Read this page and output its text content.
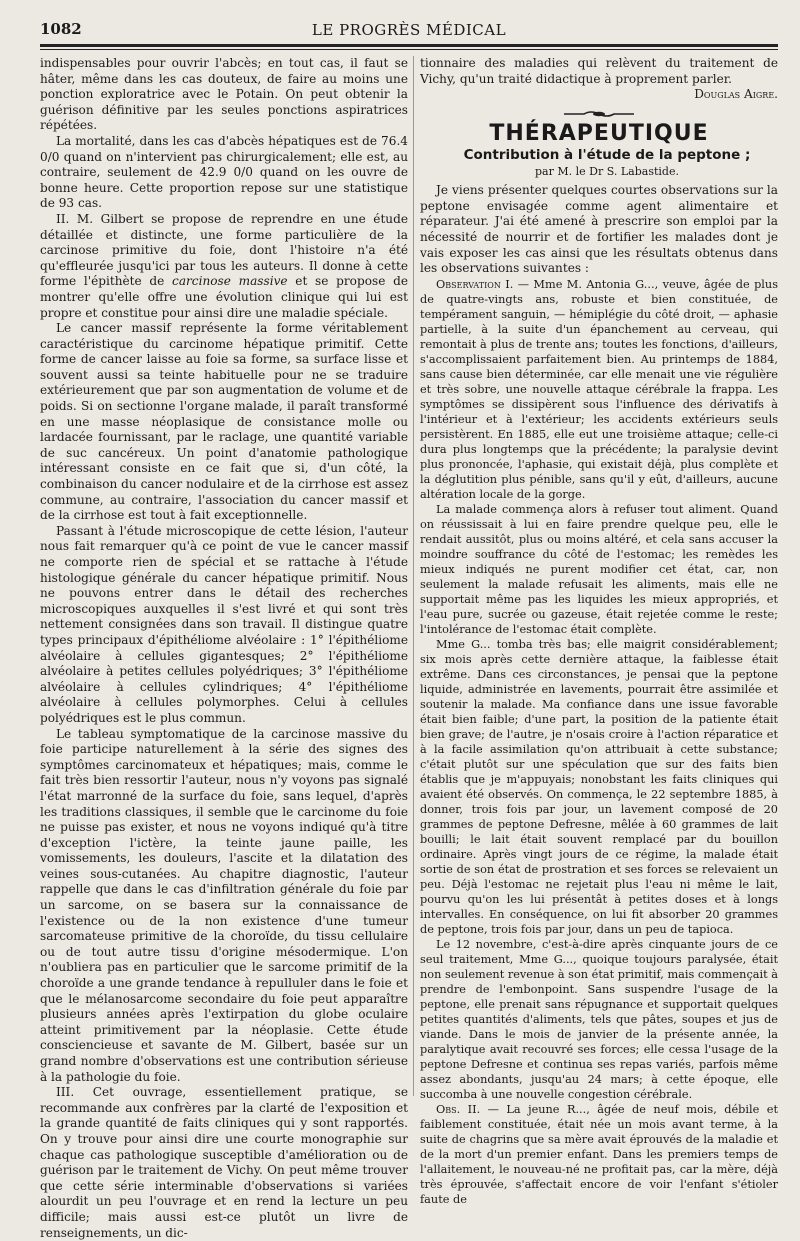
1082	LE PROGRÈS MÉDICAL

indispensables pour ouvrir l'abcès; en tout cas, il faut se hâter, même dans les cas douteux, de faire au moins une ponction exploratrice avec le Potain. On peut obtenir la guérison définitive par les seules ponctions aspiratrices répétées.

La mortalité, dans les cas d'abcès hépatiques est de 76.4 0/0 quand on n'intervient pas chirurgicalement; elle est, au contraire, seulement de 42.9 0/0 quand on les ouvre de bonne heure. Cette proportion repose sur une statistique de 93 cas.

II. M. Gilbert se propose de reprendre en une étude détaillée et distincte, une forme particulière de la carcinose primitive du foie, dont l'histoire n'a été qu'effleurée jusqu'ici par tous les auteurs. Il donne à cette forme l'épithète de carcinose massive et se propose de montrer qu'elle offre une évolution clinique qui lui est propre et constitue pour ainsi dire une maladie spéciale.

Le cancer massif représente la forme véritablement caractéristique du carcinome hépatique primitif. Cette forme de cancer laisse au foie sa forme, sa surface lisse et souvent aussi sa teinte habituelle pour ne se traduire extérieurement que par son augmentation de volume et de poids. Si on sectionne l'organe malade, il paraît transformé en une masse néoplasique de consistance molle ou lardacée fournissant, par le raclage, une quantité variable de suc cancéreux. Un point d'anatomie pathologique intéressant consiste en ce fait que si, d'un côté, la combinaison du cancer nodulaire et de la cirrhose est assez commune, au contraire, l'association du cancer massif et de la cirrhose est tout à fait exceptionnelle.

Passant à l'étude microscopique de cette lésion, l'auteur nous fait remarquer qu'à ce point de vue le cancer massif ne comporte rien de spécial et se rattache à l'étude histologique générale du cancer hépatique primitif. Nous ne pouvons entrer dans le détail des recherches microscopiques auxquelles il s'est livré et qui sont très nettement consignées dans son travail. Il distingue quatre types principaux d'épithéliome alvéolaire : 1° l'épithéliome alvéolaire à cellules gigantesques; 2° l'épithéliome alvéolaire à petites cellules polyédriques; 3° l'épithéliome alvéolaire à cellules cylindriques; 4° l'épithéliome alvéolaire à cellules polymorphes. Celui à cellules polyédriques est le plus commun.

Le tableau symptomatique de la carcinose massive du foie participe naturellement à la série des signes des symptômes carcinomateux et hépatiques; mais, comme le fait très bien ressortir l'auteur, nous n'y voyons pas signalé l'état marronné de la surface du foie, sans lequel, d'après les traditions classiques, il semble que le carcinome du foie ne puisse pas exister, et nous ne voyons indiqué qu'à titre d'exception l'ictère, la teinte jaune paille, les vomissements, les douleurs, l'ascite et la dilatation des veines sous-cutanées. Au chapitre diagnostic, l'auteur rappelle que dans le cas d'infiltration générale du foie par un sarcome, on se basera sur la connaissance de l'existence ou de la non existence d'une tumeur sarcomateuse primitive de la choroïde, du tissu cellulaire ou de tout autre tissu d'origine mésodermique. L'on n'oubliera pas en particulier que le sarcome primitif de la choroïde a une grande tendance à repulluler dans le foie et que le mélanosarcome secondaire du foie peut apparaître plusieurs années après l'extirpation du globe oculaire atteint primitivement par la néoplasie. Cette étude consciencieuse et savante de M. Gilbert, basée sur un grand nombre d'observations est une contribution sérieuse à la pathologie du foie.

III. Cet ouvrage, essentiellement pratique, se recommande aux confrères par la clarté de l'exposition et la grande quantité de faits cliniques qui y sont rapportés. On y trouve pour ainsi dire une courte monographie sur chaque cas pathologique susceptible d'amélioration ou de guérison par le traitement de Vichy. On peut même trouver que cette série interminable d'observations si variées alourdit un peu l'ouvrage et en rend la lecture un peu difficile; mais aussi est-ce plutôt un livre de renseignements, un dic-

tionnaire des maladies qui relèvent du traitement de Vichy, qu'un traité didactique à proprement parler.

Douglas Aigre.

THÉRAPEUTIQUE

Contribution à l'étude de la peptone ;

par M. le Dr S. Labastide.

Je viens présenter quelques courtes observations sur la peptone envisagée comme agent alimentaire et réparateur. J'ai été amené à prescrire son emploi par la nécessité de nourrir et de fortifier les malades dont je vais exposer les cas ainsi que les résultats obtenus dans les observations suivantes :

Observation I. — Mme M. Antonia G..., veuve, âgée de plus de quatre-vingts ans, robuste et bien constituée, de tempérament sanguin, — hémiplégie du côté droit, — aphasie partielle, à la suite d'un épanchement au cerveau, qui remontait à plus de trente ans; toutes les fonctions, d'ailleurs, s'accomplissaient parfaitement bien. Au printemps de 1884, sans cause bien déterminée, car elle menait une vie régulière et très sobre, une nouvelle attaque cérébrale la frappa. Les symptômes se dissipèrent sous l'influence des dérivatifs à l'intérieur et à l'extérieur; les accidents extérieurs seuls persistèrent. En 1885, elle eut une troisième attaque; celle-ci dura plus longtemps que la précédente; la paralysie devint plus prononcée, l'aphasie, qui existait déjà, plus complète et la déglutition plus pénible, sans qu'il y eût, d'ailleurs, aucune altération locale de la gorge.

La malade commença alors à refuser tout aliment. Quand on réussissait à lui en faire prendre quelque peu, elle le rendait aussitôt, plus ou moins altéré, et cela sans accuser la moindre souffrance du côté de l'estomac; les remèdes les mieux indiqués ne purent modifier cet état, car, non seulement la malade refusait les aliments, mais elle ne supportait même pas les liquides les mieux appropriés, et l'eau pure, sucrée ou gazeuse, était rejetée comme le reste; l'intolérance de l'estomac était complète.

Mme G... tomba très bas; elle maigrit considérablement; six mois après cette dernière attaque, la faiblesse était extrême. Dans ces circonstances, je pensai que la peptone liquide, administrée en lavements, pourrait être assimilée et soutenir la malade. Ma confiance dans une issue favorable était bien faible; d'une part, la position de la patiente était bien grave; de l'autre, je n'osais croire à l'action réparatice et à la facile assimilation qu'on attribuait à cette substance; c'était plutôt sur une spéculation que sur des faits bien établis que je m'appuyais; nonobstant les faits cliniques qui avaient été observés. On commença, le 22 septembre 1885, à donner, trois fois par jour, un lavement composé de 20 grammes de peptone Defresne, mêlée à 60 grammes de lait bouilli; le lait était souvent remplacé par du bouillon ordinaire. Après vingt jours de ce régime, la malade était sortie de son état de prostration et ses forces se relevaient un peu. Déjà l'estomac ne rejetait plus l'eau ni même le lait, pourvu qu'on les lui présentât à petites doses et à longs intervalles. En conséquence, on lui fit absorber 20 grammes de peptone, trois fois par jour, dans un peu de tapioca.

Le 12 novembre, c'est-à-dire après cinquante jours de ce seul traitement, Mme G..., quoique toujours paralysée, était non seulement revenue à son état primitif, mais commençait à prendre de l'embonpoint. Sans suspendre l'usage de la peptone, elle prenait sans répugnance et supportait quelques petites quantités d'aliments, tels que pâtes, soupes et jus de viande. Dans le mois de janvier de la présente année, la paralytique avait recouvré ses forces; elle cessa l'usage de la peptone Defresne et continua ses repas variés, parfois même assez abondants, jusqu'au 24 mars; à cette époque, elle succomba à une nouvelle congestion cérébrale.

Obs. II. — La jeune R..., âgée de neuf mois, débile et faiblement constituée, était née un mois avant terme, à la suite de chagrins que sa mère avait éprouvés de la maladie et de la mort d'un premier enfant. Dans les premiers temps de l'allaitement, le nouveau-né ne profitait pas, car la mère, déjà très éprouvée, s'affectait encore de voir l'enfant s'étioler faute de
